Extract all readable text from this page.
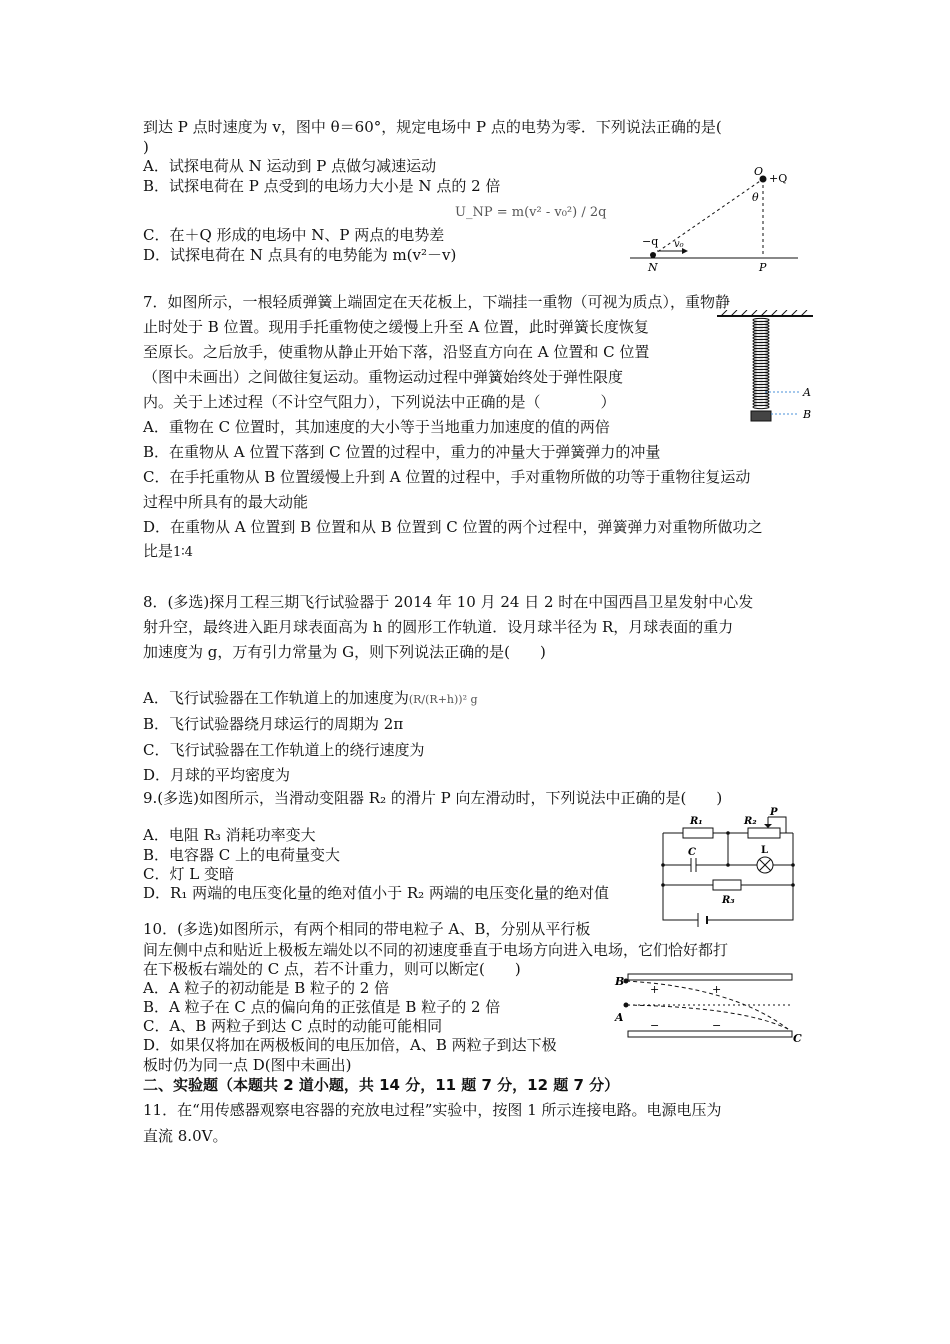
到达 P 点时速度为 v，图中 θ＝60°，规定电场中 P 点的电势为零．下列说法正确的是(
)
A．试探电荷从 N 运动到 P 点做匀减速运动
B．试探电荷在 P 点受到的电场力大小是 N 点的 2 倍
U_NP = m(v² - v₀²) / 2q
C．在＋Q 形成的电场中 N、P 两点的电势差
D．试探电荷在 N 点具有的电势能为 m(v²－v)
O
+Q
θ
−q v₀
N	P
7．如图所示，一根轻质弹簧上端固定在天花板上，下端挂一重物（可视为质点），重物静
止时处于 B 位置。现用手托重物使之缓慢上升至 A 位置，此时弹簧长度恢复
至原长。之后放手，使重物从静止开始下落，沿竖直方向在 A 位置和 C 位置
（图中未画出）之间做往复运动。重物运动过程中弹簧始终处于弹性限度
内。关于上述过程（不计空气阻力），下列说法中正确的是（　　　　）
A．重物在 C 位置时，其加速度的大小等于当地重力加速度的值的两倍
B．在重物从 A 位置下落到 C 位置的过程中，重力的冲量大于弹簧弹力的冲量
C．在手托重物从 B 位置缓慢上升到 A 位置的过程中，手对重物所做的功等于重物往复运动
过程中所具有的最大动能
D．在重物从 A 位置到 B 位置和从 B 位置到 C 位置的两个过程中，弹簧弹力对重物所做功之
比是1∶4
A
B
8．(多选)探月工程三期飞行试验器于 2014 年 10 月 24 日 2 时在中国西昌卫星发射中心发
射升空，最终进入距月球表面高为 h 的圆形工作轨道．设月球半径为 R，月球表面的重力
加速度为 g，万有引力常量为 G，则下列说法正确的是(　　)
A．飞行试验器在工作轨道上的加速度为(R/(R+h))² g
B．飞行试验器绕月球运行的周期为 2π
C．飞行试验器在工作轨道上的绕行速度为
D．月球的平均密度为
9.(多选)如图所示，当滑动变阻器 R₂ 的滑片 P 向左滑动时，下列说法中正确的是(　　)
A．电阻 R₃ 消耗功率变大
B．电容器 C 上的电荷量变大
C．灯 L 变暗
D．R₁ 两端的电压变化量的绝对值小于 R₂ 两端的电压变化量的绝对值
R₁	R₂
P
C	L
R₃
10．(多选)如图所示，有两个相同的带电粒子 A、B，分别从平行板
间左侧中点和贴近上极板左端处以不同的初速度垂直于电场方向进入电场，它们恰好都打
在下极板右端处的 C 点，若不计重力，则可以断定(　　)
A．A 粒子的初动能是 B 粒子的 2 倍
B．A 粒子在 C 点的偏向角的正弦值是 B 粒子的 2 倍
C．A、B 两粒子到达 C 点时的动能可能相同
D．如果仅将加在两极板间的电压加倍，A、B 两粒子到达下极
板时仍为同一点 D(图中未画出)
B
A
C
+	+
−	−
二、实验题（本题共 2 道小题，共 14 分，11 题 7 分，12 题 7 分）
11．在“用传感器观察电容器的充放电过程”实验中，按图 1 所示连接电路。电源电压为
直流 8.0V。
